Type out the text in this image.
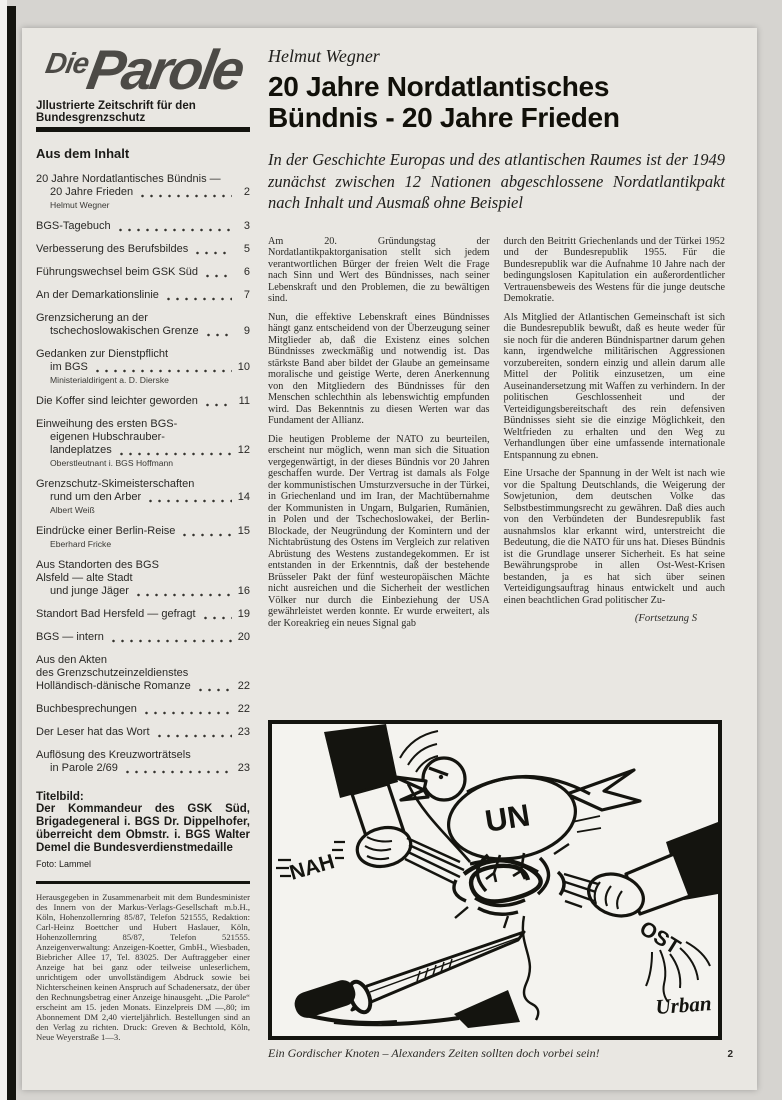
DieParole
Jllustrierte Zeitschrift für den Bundesgrenzschutz
Aus dem Inhalt
20 Jahre Nordatlantisches Bündnis —
20 Jahre Frieden	2
Helmut Wegner
BGS-Tagebuch	3
Verbesserung des Berufsbildes	5
Führungswechsel beim GSK Süd	6
An der Demarkationslinie	7
Grenzsicherung an der
tschechoslowakischen Grenze	9
Gedanken zur Dienstpflicht
im BGS	10
Ministerialdirigent a. D. Dierske
Die Koffer sind leichter geworden	11
Einweihung des ersten BGS-
eigenen Hubschrauber-
landeplatzes	12
Oberstleutnant i. BGS Hoffmann
Grenzschutz-Skimeisterschaften
rund um den Arber	14
Albert Weiß
Eindrücke einer Berlin-Reise	15
Eberhard Fricke
Aus Standorten des BGS
Alsfeld — alte Stadt
und junge Jäger	16
Standort Bad Hersfeld — gefragt	19
BGS — intern	20
Aus den Akten
des Grenzschutzeinzeldienstes
Holländisch-dänische Romanze	22
Buchbesprechungen	22
Der Leser hat das Wort	23
Auflösung des Kreuzworträtsels
in Parole 2/69	23

Titelbild:

Der Kommandeur des GSK Süd, Brigadegeneral i. BGS Dr. Dippelhofer, überreicht dem Obmstr. i. BGS Walter Demel die Bundesverdienstmedaille

Foto: Lammel

Herausgegeben in Zusammenarbeit mit dem Bundesminister des Innern von der Markus-Verlags-Gesellschaft m.b.H., Köln, Hohenzollernring 85/87, Telefon 521555, Redaktion: Carl-Heinz Boettcher und Hubert Haslauer, Köln, Hohenzollernring 85/87, Telefon 521555. Anzeigenverwaltung: Anzeigen-Koetter, GmbH., Wiesbaden, Biebricher Allee 17, Tel. 83025. Der Auftraggeber einer Anzeige hat bei ganz oder teilweise unleserlichem, unrichtigem oder unvollständigem Abdruck sowie bei Nichterscheinen keinen Anspruch auf Schadenersatz, der über den Rechnungsbetrag einer Anzeige hinausgeht. „Die Parole“ erscheint am 15. jeden Monats. Einzelpreis DM —,80; im Abonnement DM 2,40 vierteljährlich. Bestellungen sind an den Verlag zu richten. Druck: Greven & Bechtold, Köln, Neue Weyerstraße 1—3.

Helmut Wegner

20 Jahre Nordatlantisches
Bündnis - 20 Jahre Frieden

In der Geschichte Europas und des atlantischen Raumes ist der 1949 zunächst zwischen 12 Nationen abgeschlossene Nordatlantikpakt nach Inhalt und Ausmaß ohne Beispiel

Am 20. Gründungstag der Nordatlantikpaktorganisation stellt sich jedem verantwortlichen Bürger der freien Welt die Frage nach Sinn und Wert des Bündnisses, nach seiner Lebenskraft und den Problemen, die zu bewältigen sind.

Nun, die effektive Lebenskraft eines Bündnisses hängt ganz entscheidend von der Überzeugung seiner Mitglieder ab, daß die Existenz eines solchen Bündnisses zweckmäßig und notwendig ist. Das stärkste Band aber bildet der Glaube an gemeinsame moralische und geistige Werte, deren Anerkennung von den Mitgliedern des Bündnisses für den Menschen schlechthin als lebenswichtig empfunden wird. Das Bekenntnis zu diesen Werten war das Fundament der Allianz.

Die heutigen Probleme der NATO zu beurteilen, erscheint nur möglich, wenn man sich die Situation vergegenwärtigt, in der dieses Bündnis vor 20 Jahren geschaffen wurde. Der Vertrag ist damals als Folge der kommunistischen Umsturzversuche in der Türkei, in Griechenland und im Iran, der Machtübernahme der Kommunisten in Ungarn, Bulgarien, Rumänien, in Polen und der Tschechoslowakei, der Berlin-Blockade, der Neugründung der Komintern und der Nichtabrüstung des Ostens im Vergleich zur relativen Abrüstung des Westens zustandegekommen. Er ist entstanden in der Erkenntnis, daß der bestehende Brüsseler Pakt der fünf westeuropäischen Mächte nicht ausreichen und die Sicherheit der westlichen Völker nur durch die Einbeziehung der USA gewährleistet werden konnte. Er wurde erweitert, als der Koreakrieg ein neues Signal gab

durch den Beitritt Griechenlands und der Türkei 1952 und der Bundesrepublik 1955. Für die Bundesrepublik war die Aufnahme 10 Jahre nach der bedingungslosen Kapitulation ein außerordentlicher Vertrauensbeweis des Westens für die junge deutsche Demokratie.

Als Mitglied der Atlantischen Gemeinschaft ist sich die Bundesrepublik bewußt, daß es heute weder für sie noch für die anderen Bündnispartner darum gehen kann, irgendwelche militärischen Aggressionen vorzubereiten, sondern einzig und allein darum alle Mittel der Politik einzusetzen, um eine Auseinandersetzung mit Waffen zu verhindern. In der politischen Geschlossenheit und der Verteidigungsbereitschaft des rein defensiven Bündnisses sieht sie die einzige Möglichkeit, den Weltfrieden zu erhalten und den Weg zu Verhandlungen über eine umfassende internationale Entspannung zu ebnen.

Eine Ursache der Spannung in der Welt ist nach wie vor die Spaltung Deutschlands, die Weigerung der Sowjetunion, dem deutschen Volke das Selbstbestimmungsrecht zu gewähren. Daß dies auch von den Verbündeten der Bundesrepublik fast ausnahmslos klar erkannt wird, unterstreicht die Bedeutung, die die NATO für uns hat. Dieses Bündnis ist die Grundlage unserer Sicherheit. Es hat seine Bewährungsprobe in allen Ost-West-Krisen bestanden, ja es hat sich über seinen Verteidigungsauftrag hinaus entwickelt und auch einen beachtlichen Grad politischer Zu-

(Fortsetzung S
NAH
OST
UN
Urban
Ein Gordischer Knoten – Alexanders Zeiten sollten doch vorbei sein!	2
